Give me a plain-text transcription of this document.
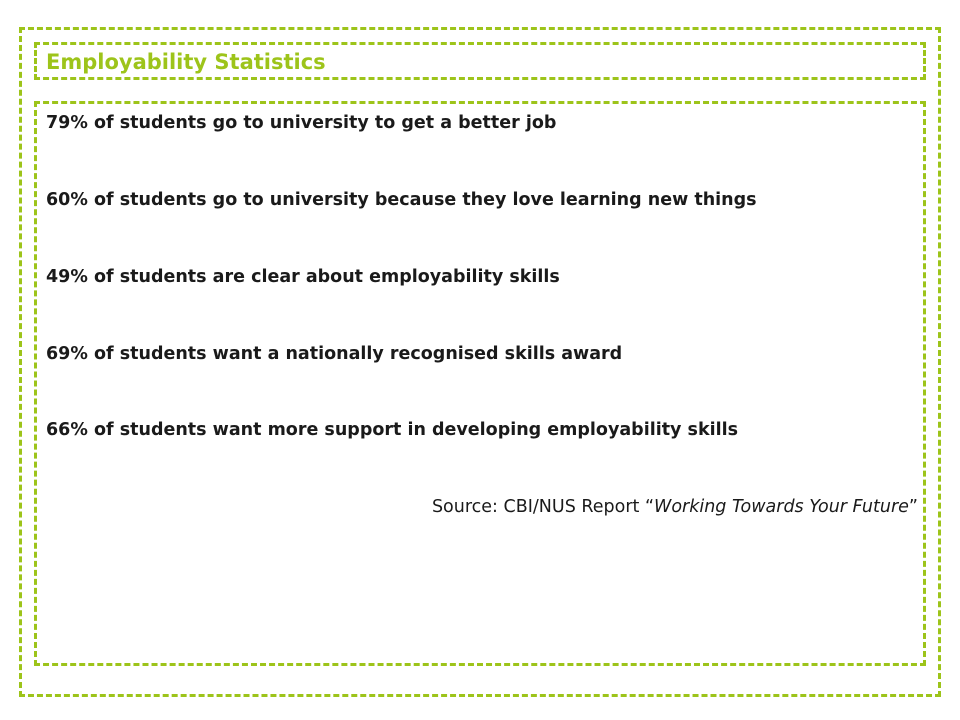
Employability Statistics

79% of students go to university to get a better job

60% of students go to university because they love learning new things

49% of students are clear about employability skills

69% of students want a nationally recognised skills award

66% of students want more support in developing employability skills

Source: CBI/NUS Report “Working Towards Your Future”
